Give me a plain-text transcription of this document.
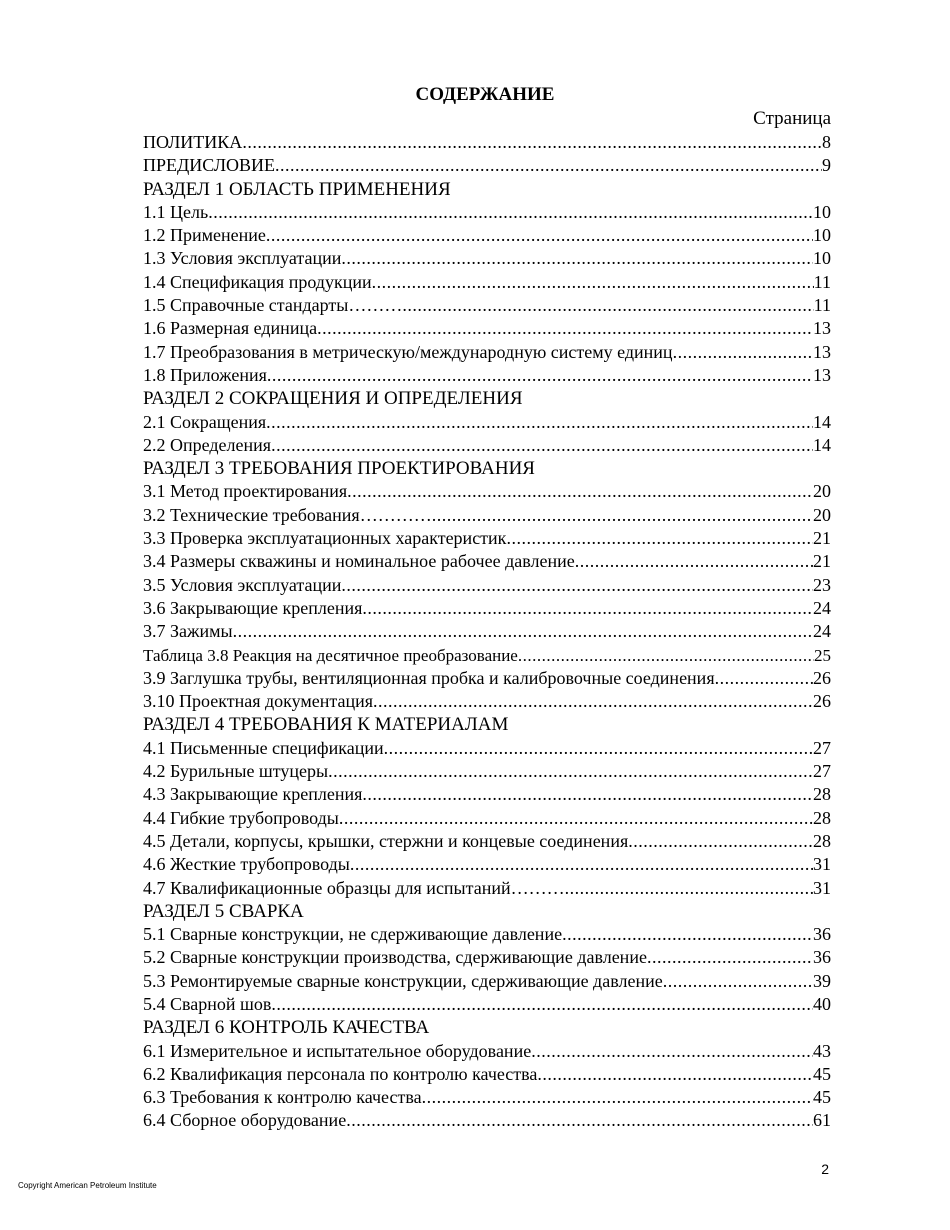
СОДЕРЖАНИЕ
Страница
ПОЛИТИКА .....	8
ПРЕДИСЛОВИЕ .....	9
РАЗДЕЛ 1 ОБЛАСТЬ ПРИМЕНЕНИЯ
1.1 Цель .....	10
1.2 Применение .....	10
1.3 Условия эксплуатации .....	10
1.4 Спецификация продукции .....	11
1.5 Справочные стандарты……… .....	11
1.6 Размерная единица .....	13
1.7 Преобразования в метрическую/международную систему единиц .....	13
1.8 Приложения .....	13
РАЗДЕЛ 2 СОКРАЩЕНИЯ И ОПРЕДЕЛЕНИЯ
2.1 Сокращения .....	14
2.2 Определения .....	14
РАЗДЕЛ 3 ТРЕБОВАНИЯ ПРОЕКТИРОВАНИЯ
3.1 Метод проектирования .....	20
3.2 Технические требования………… .....	20
3.3 Проверка эксплуатационных характеристик .....	21
3.4 Размеры скважины и номинальное рабочее давление .....	21
3.5 Условия эксплуатации .....	23
3.6 Закрывающие крепления .....	24
3.7 Зажимы .....	24
Таблица 3.8 Реакция на десятичное преобразование .....	25
3.9 Заглушка трубы, вентиляционная пробка и калибровочные соединения .....	26
3.10 Проектная документация .....	26
РАЗДЕЛ 4 ТРЕБОВАНИЯ К МАТЕРИАЛАМ
4.1 Письменные спецификации .....	27
4.2 Бурильные штуцеры .....	27
4.3 Закрывающие крепления .....	28
4.4 Гибкие трубопроводы .....	28
4.5 Детали, корпусы, крышки, стержни и концевые соединения .....	28
4.6 Жесткие трубопроводы .....	31
4.7 Квалификационные образцы для испытаний……… .....	31
РАЗДЕЛ 5 СВАРКА
5.1 Сварные конструкции, не сдерживающие давление .....	36
5.2 Сварные конструкции производства, сдерживающие давление .....	36
5.3 Ремонтируемые сварные конструкции, сдерживающие давление .....	39
5.4 Сварной шов .....	40
РАЗДЕЛ 6 КОНТРОЛЬ КАЧЕСТВА
6.1 Измерительное и испытательное оборудование .....	43
6.2 Квалификация персонала по контролю качества .....	45
6.3 Требования к контролю качества .....	45
6.4 Сборное оборудование .....	61
2
Copyright American Petroleum Institute
